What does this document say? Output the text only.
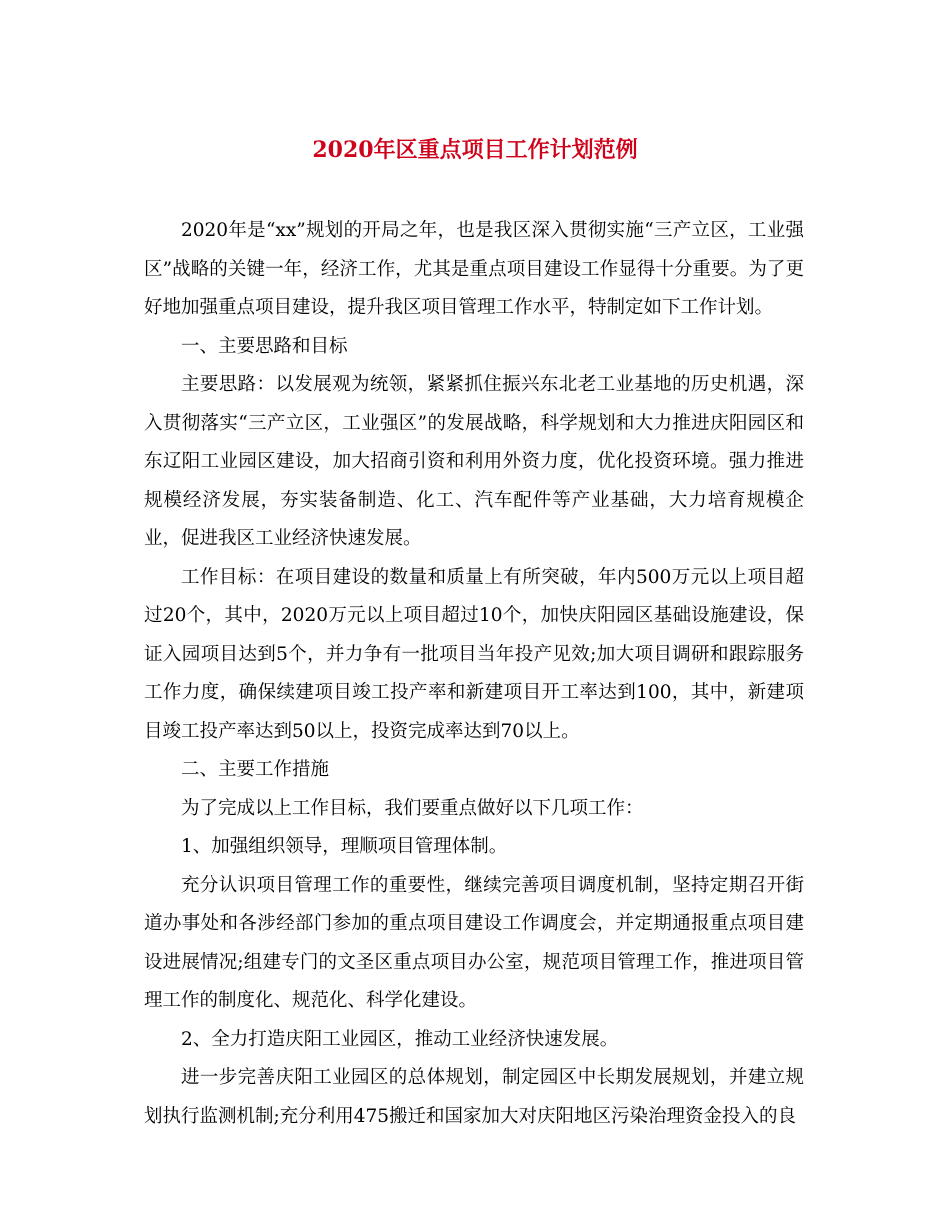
2020年区重点项目工作计划范例

2020年是“xx”规划的开局之年，也是我区深入贯彻实施“三产立区，工业强区”战略的关键一年，经济工作，尤其是重点项目建设工作显得十分重要。为了更好地加强重点项目建设，提升我区项目管理工作水平，特制定如下工作计划。

一、主要思路和目标

主要思路：以发展观为统领，紧紧抓住振兴东北老工业基地的历史机遇，深入贯彻落实“三产立区，工业强区”的发展战略，科学规划和大力推进庆阳园区和东辽阳工业园区建设，加大招商引资和利用外资力度，优化投资环境。强力推进规模经济发展，夯实装备制造、化工、汽车配件等产业基础，大力培育规模企业，促进我区工业经济快速发展。

工作目标：在项目建设的数量和质量上有所突破，年内500万元以上项目超过20个，其中，2020万元以上项目超过10个，加快庆阳园区基础设施建设，保证入园项目达到5个，并力争有一批项目当年投产见效;加大项目调研和跟踪服务工作力度，确保续建项目竣工投产率和新建项目开工率达到100，其中，新建项目竣工投产率达到50以上，投资完成率达到70以上。

二、主要工作措施

为了完成以上工作目标，我们要重点做好以下几项工作：

1、加强组织领导，理顺项目管理体制。

充分认识项目管理工作的重要性，继续完善项目调度机制，坚持定期召开街道办事处和各涉经部门参加的重点项目建设工作调度会，并定期通报重点项目建设进展情况;组建专门的文圣区重点项目办公室，规范项目管理工作，推进项目管理工作的制度化、规范化、科学化建设。

2、全力打造庆阳工业园区，推动工业经济快速发展。

进一步完善庆阳工业园区的总体规划，制定园区中长期发展规划，并建立规划执行监测机制;充分利用475搬迁和国家加大对庆阳地区污染治理资金投入的良
